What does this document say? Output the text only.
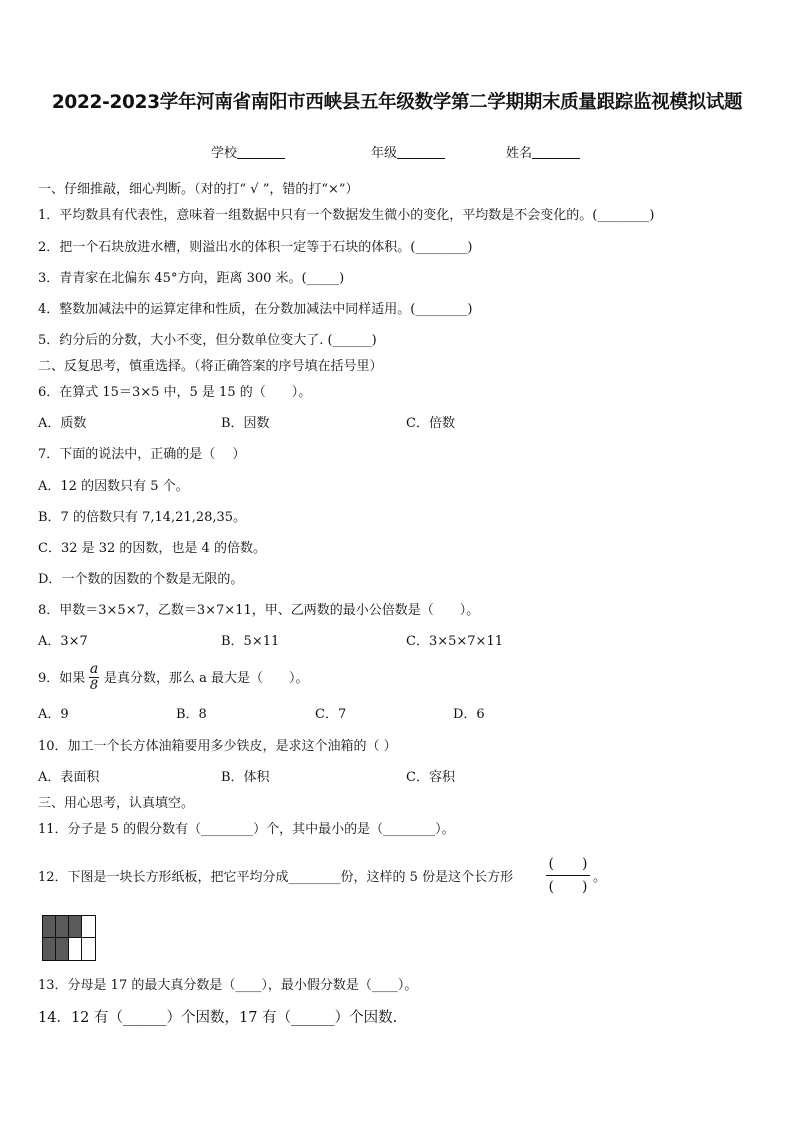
2022-2023学年河南省南阳市西峡县五年级数学第二学期期末质量跟踪监视模拟试题
学校	年级	姓名
一、仔细推敲，细心判断。（对的打“ √ ”，错的打“×”）
1．平均数具有代表性，意味着一组数据中只有一个数据发生微小的变化，平均数是不会变化的。(________)
2．把一个石块放进水槽，则溢出水的体积一定等于石块的体积。(________)
3．青青家在北偏东 45°方向，距离 300 米。(_____)
4．整数加减法中的运算定律和性质，在分数加减法中同样适用。(________)
5．约分后的分数，大小不变，但分数单位变大了. (______)
二、反复思考，慎重选择。（将正确答案的序号填在括号里）
6．在算式 15＝3×5 中，5 是 15 的（　　）。
A．质数	B．因数	C．倍数
7．下面的说法中，正确的是（　 ）
A．12 的因数只有 5 个。
B．7 的倍数只有 7,14,21,28,35。
C．32 是 32 的因数，也是 4 的倍数。
D．一个数的因数的个数是无限的。
8．甲数＝3×5×7，乙数＝3×7×11，甲、乙两数的最小公倍数是（　　）。
A．3×7	B．5×11	C．3×5×7×11
9．如果
a
8 是真分数，那么 a 最大是（　　）。
A．9	B．8	C．7	D．6
10．加工一个长方体油箱要用多少铁皮，是求这个油箱的（ ）
A．表面积	B．体积	C．容积
三、用心思考，认真填空。
11．分子是 5 的假分数有（________）个，其中最小的是（________）。
12．下图是一块长方形纸板，把它平均分成________份，这样的 5 份是这个长方形
(　　)
(　　)
。
13．分母是 17 的最大真分数是（____），最小假分数是（____）。
14．12 有（______）个因数，17 有（______）个因数.
